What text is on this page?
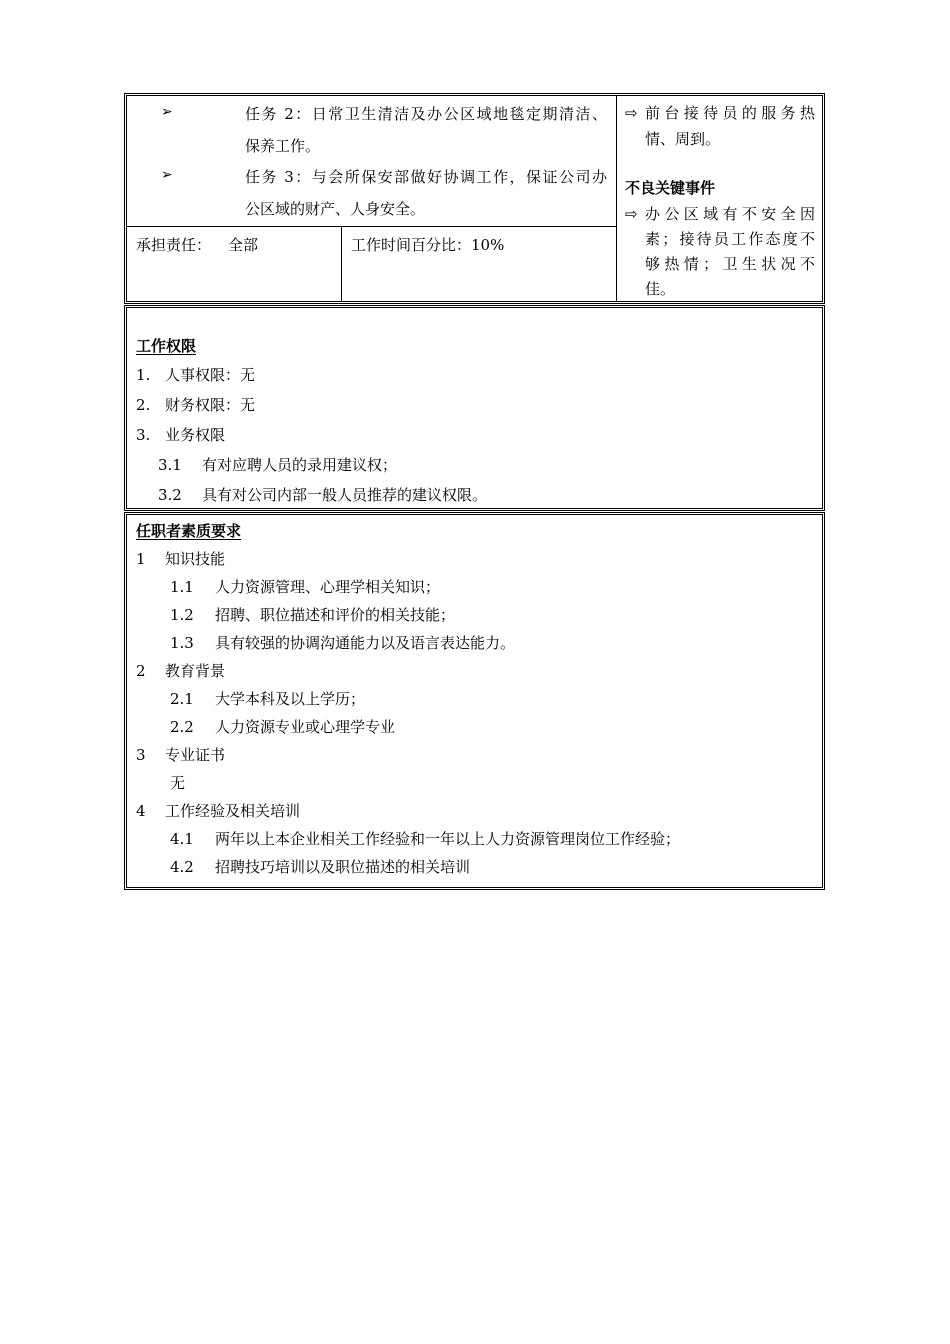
➢	任务 2：日常卫生清洁及办公区域地毯定期清洁、
保养工作。
➢	任务 3：与会所保安部做好协调工作，保证公司办
公区域的财产、人身安全。
承担责任： 全部	工作时间百分比：10%
⇨ 前台接待员的服务热
情、周到。
不良关键事件
⇨ 办公区域有不安全因
素；接待员工作态度不
够热情；卫生状况不
佳。
工作权限
1. 人事权限：无
2. 财务权限：无
3. 业务权限
3.1 有对应聘人员的录用建议权；
3.2 具有对公司内部一般人员推荐的建议权限。
任职者素质要求
1 知识技能
1.1 人力资源管理、心理学相关知识；
1.2 招聘、职位描述和评价的相关技能；
1.3 具有较强的协调沟通能力以及语言表达能力。
2 教育背景
2.1 大学本科及以上学历；
2.2 人力资源专业或心理学专业
3 专业证书
无
4 工作经验及相关培训
4.1 两年以上本企业相关工作经验和一年以上人力资源管理岗位工作经验；
4.2 招聘技巧培训以及职位描述的相关培训
